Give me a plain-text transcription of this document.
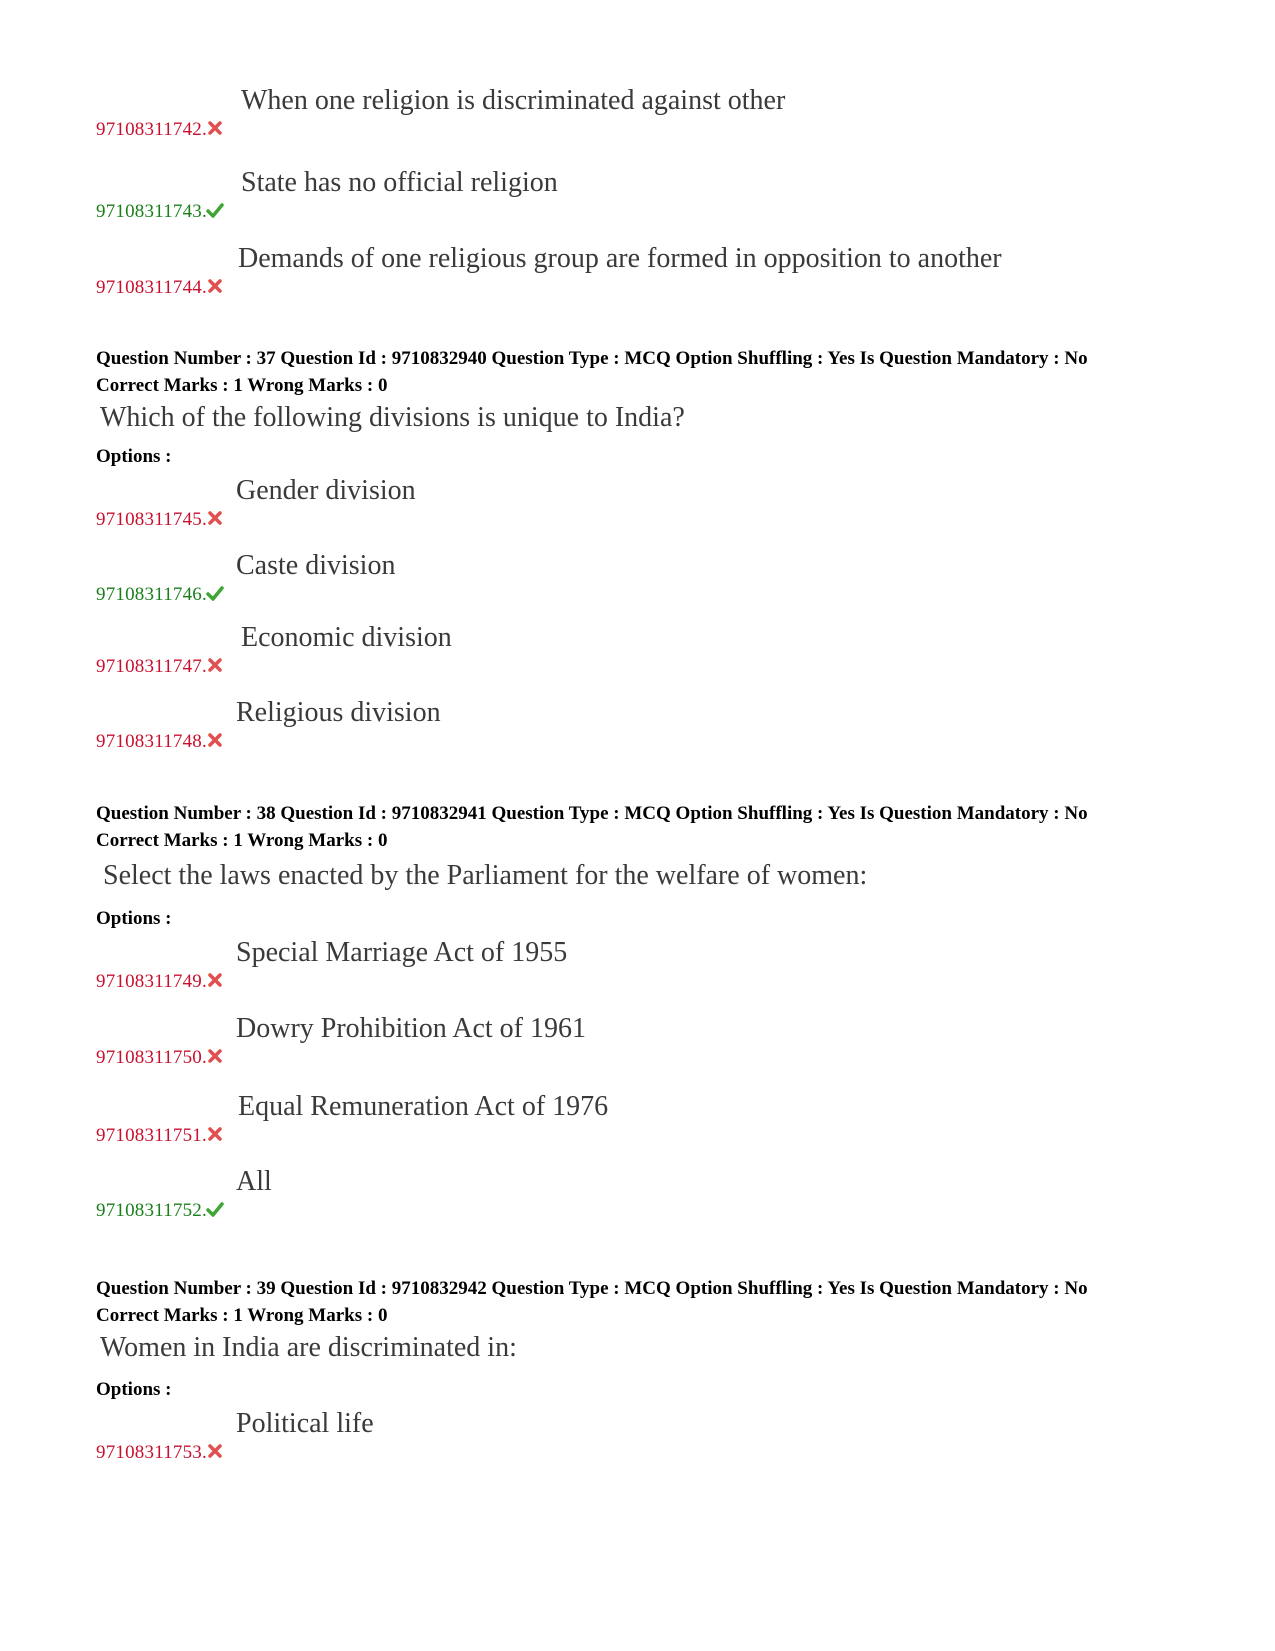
97108311742.
When one religion is discriminated against other
97108311743.
State has no official religion
97108311744.
Demands of one religious group are formed in opposition to another
Question Number : 37 Question Id : 9710832940 Question Type : MCQ Option Shuffling : Yes Is Question Mandatory : No
Correct Marks : 1 Wrong Marks : 0
Which of the following divisions is unique to India?
Options :
97108311745.
Gender division
97108311746.
Caste division
97108311747.
Economic division
97108311748.
Religious division
Question Number : 38 Question Id : 9710832941 Question Type : MCQ Option Shuffling : Yes Is Question Mandatory : No
Correct Marks : 1 Wrong Marks : 0
Select the laws enacted by the Parliament for the welfare of women:
Options :
97108311749.
Special Marriage Act of 1955
97108311750.
Dowry Prohibition Act of 1961
97108311751.
Equal Remuneration Act of 1976
97108311752.
All
Question Number : 39 Question Id : 9710832942 Question Type : MCQ Option Shuffling : Yes Is Question Mandatory : No
Correct Marks : 1 Wrong Marks : 0
Women in India are discriminated in:
Options :
97108311753.
Political life
